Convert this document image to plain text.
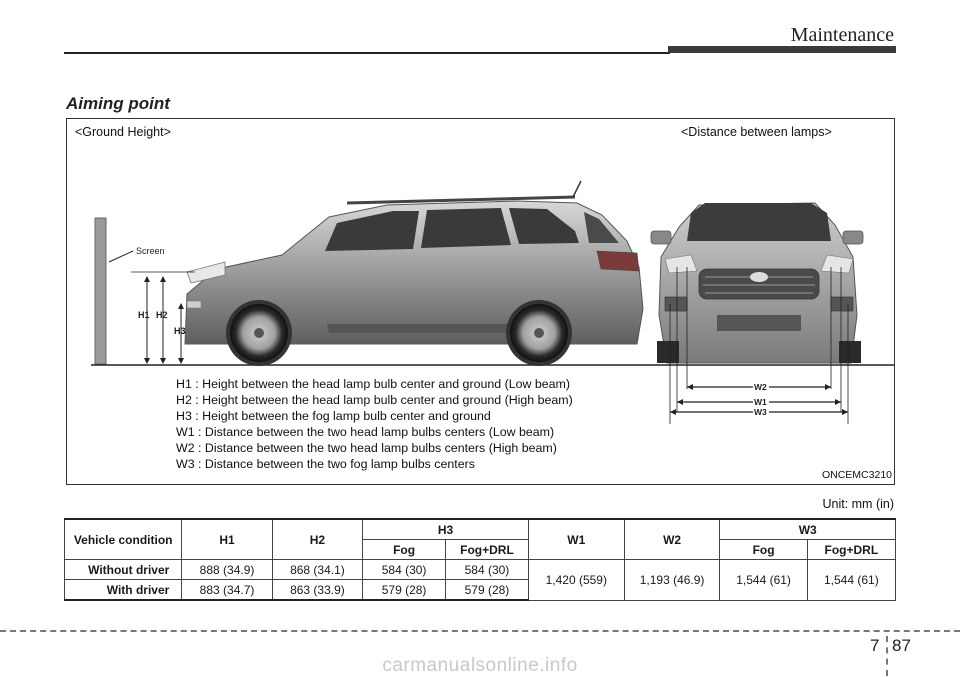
Maintenance
Aiming point
<Ground Height>	<Distance between lamps>
Screen
H1 H2
H3
W2
W1
W3
ONCEMC3210
H1 : Height between the head lamp bulb center and ground (Low beam)
H2 : Height between the head lamp bulb center and ground (High beam)
H3 : Height between the fog lamp bulb center and ground
W1 : Distance between the two head lamp bulbs centers (Low beam)
W2 : Distance between the two head lamp bulbs centers (High beam)
W3 : Distance between the two fog lamp bulbs centers
Unit: mm (in)
Vehicle condition	H1	H2	H3		W1	W2	W3	
			Fog	Fog+DRL			Fog	Fog+DRL
Without driver	888 (34.9)	868 (34.1)	584 (30)	584 (30)	1,420 (559)	1,193 (46.9)	1,544 (61)	1,544 (61)
With driver	883 (34.7)	863 (33.9)	579 (28)	579 (28)				
7 87
carmanualsonline.info
